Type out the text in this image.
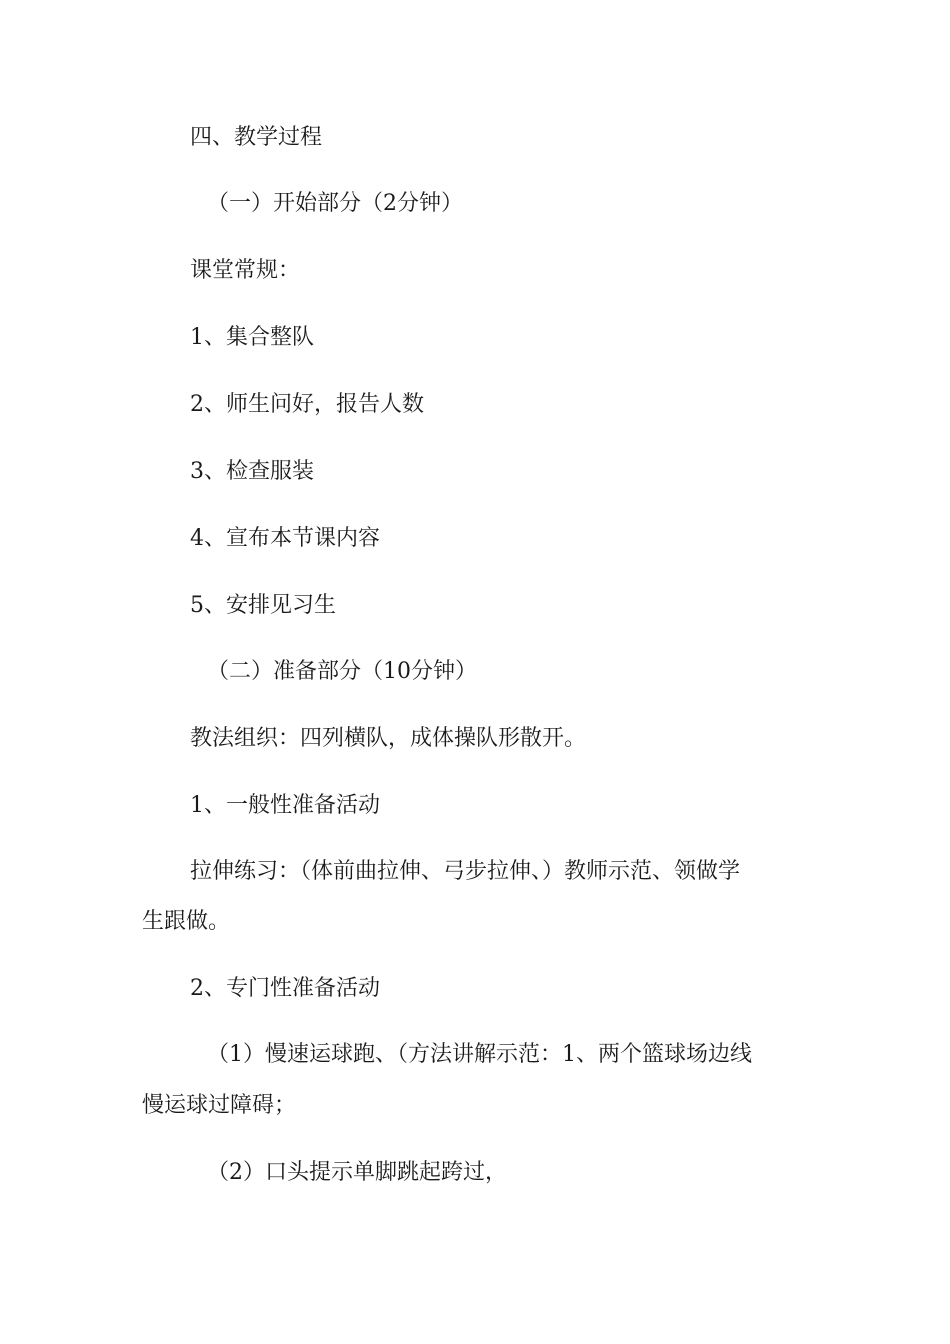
四、教学过程
（一）开始部分（2分钟）
课堂常规：
1、集合整队
2、师生问好，报告人数
3、检查服装
4、宣布本节课内容
5、安排见习生
（二）准备部分（10分钟）
教法组织：四列横队，成体操队形散开。
1、一般性准备活动
拉伸练习：（体前曲拉伸、弓步拉伸、）教师示范、领做学
生跟做。
2、专门性准备活动
（1）慢速运球跑、（方法讲解示范：1、两个篮球场边线
慢运球过障碍；
（2）口头提示单脚跳起跨过，
